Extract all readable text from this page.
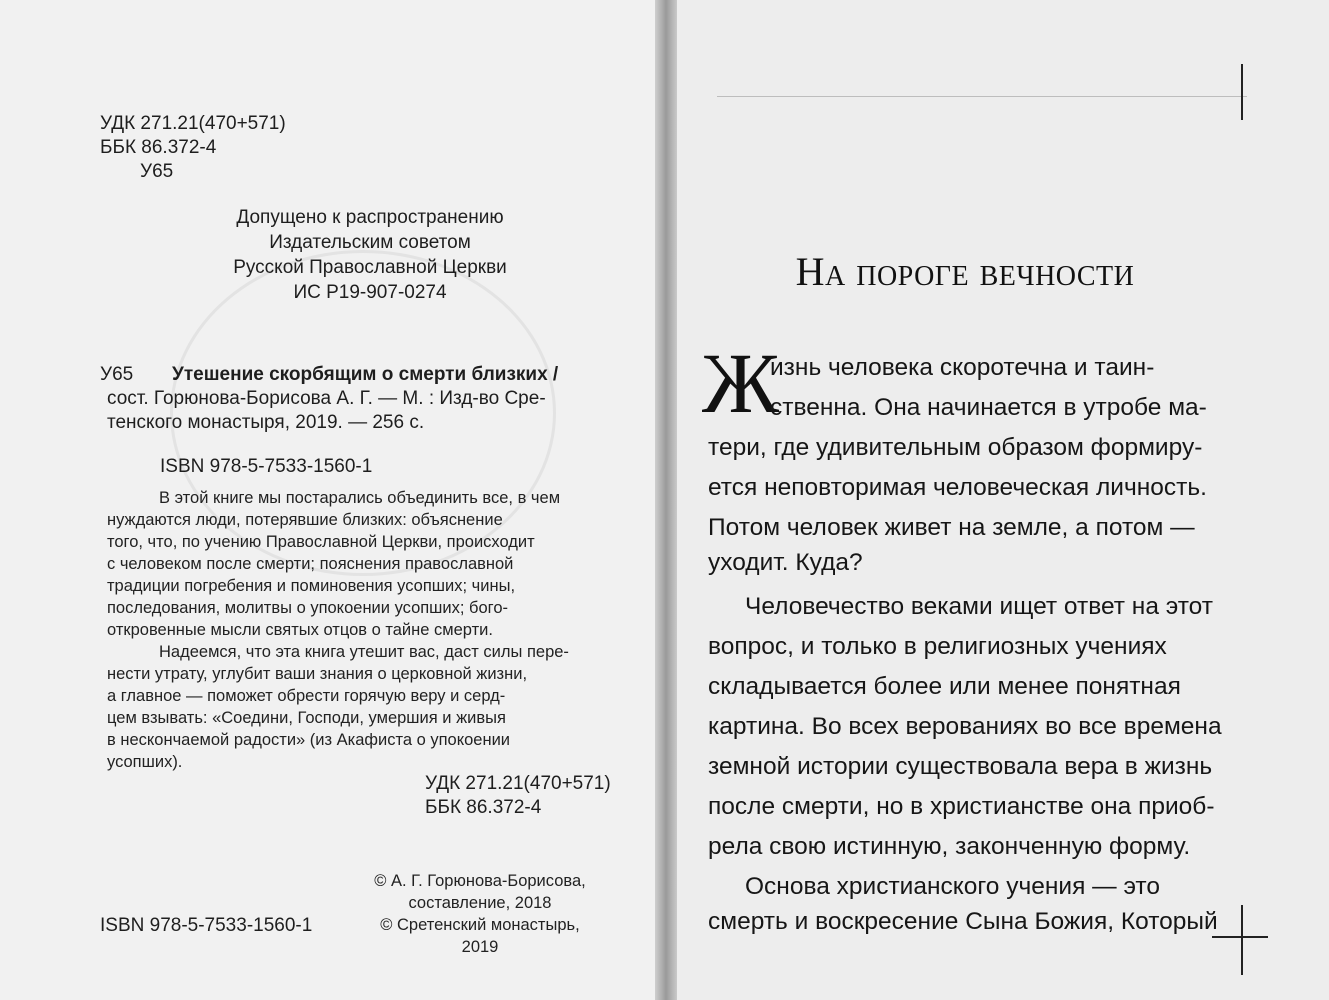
УДК 271.21(470+571)
ББК 86.372-4
У65
Допущено к распространению
Издательским советом
Русской Православной Церкви
ИС Р19-907-0274
У65 Утешение скорбящим о смерти близких /
сост. Горюнова-Борисова А. Г. — М. : Изд-во Сре-
тенского монастыря, 2019. — 256 с.
ISBN 978-5-7533-1560-1

В этой книге мы постарались объединить все, в чем

нуждаются люди, потерявшие близких: объяснение

того, что, по учению Православной Церкви, происходит

с человеком после смерти; пояснения православной

традиции погребения и поминовения усопших; чины,

последования, молитвы о упокоении усопших; бого-

откровенные мысли святых отцов о тайне смерти.

Надеемся, что эта книга утешит вас, даст силы пере-

нести утрату, углубит ваши знания о церковной жизни,

а главное — поможет обрести горячую веру и серд-

цем взывать: «Соедини, Господи, умершия и живыя

в нескончаемой радости» (из Акафиста о упокоении

усопших).

УДК 271.21(470+571)
ББК 86.372-4
© А. Г. Горюнова-Борисова,
составление, 2018
© Сретенский монастырь, 2019
ISBN 978-5-7533-1560-1
На пороге вечности
Ж
изнь человека скоротечна и таин-
ственна. Она начинается в утробе ма-
тери, где удивительным образом формиру-
ется неповторимая человеческая личность.
Потом человек живет на земле, а потом —
уходит. Куда?
Человечество веками ищет ответ на этот
вопрос, и только в религиозных учениях
складывается более или менее понятная
картина. Во всех верованиях во все времена
земной истории существовала вера в жизнь
после смерти, но в христианстве она приоб-
рела свою истинную, законченную форму.
Основа христианского учения — это
смерть и воскресение Сына Божия, Который
